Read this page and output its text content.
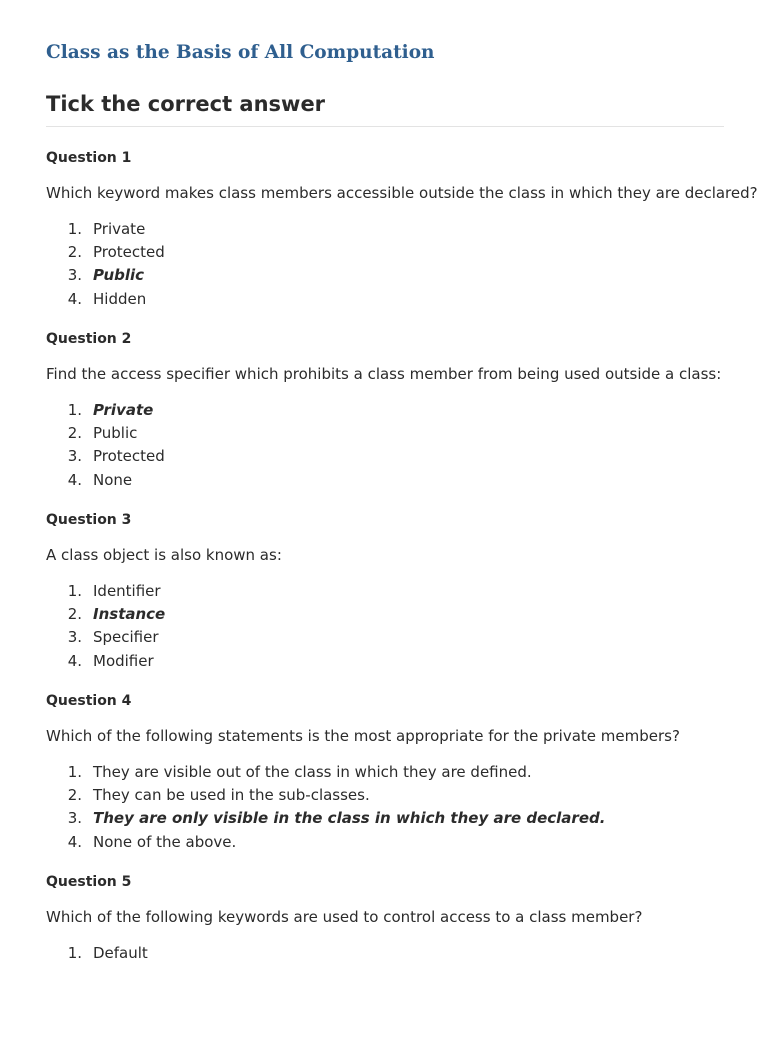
Class as the Basis of All Computation
Tick the correct answer

Question 1

Which keyword makes class members accessible outside the class in which they are declared?

1. Private
2. Protected
3. Public
4. Hidden

Question 2

Find the access specifier which prohibits a class member from being used outside a class:

1. Private
2. Public
3. Protected
4. None

Question 3

A class object is also known as:

1. Identifier
2. Instance
3. Specifier
4. Modifier

Question 4

Which of the following statements is the most appropriate for the private members?

1. They are visible out of the class in which they are defined.
2. They can be used in the sub-classes.
3. They are only visible in the class in which they are declared.
4. None of the above.

Question 5

Which of the following keywords are used to control access to a class member?

1. Default
